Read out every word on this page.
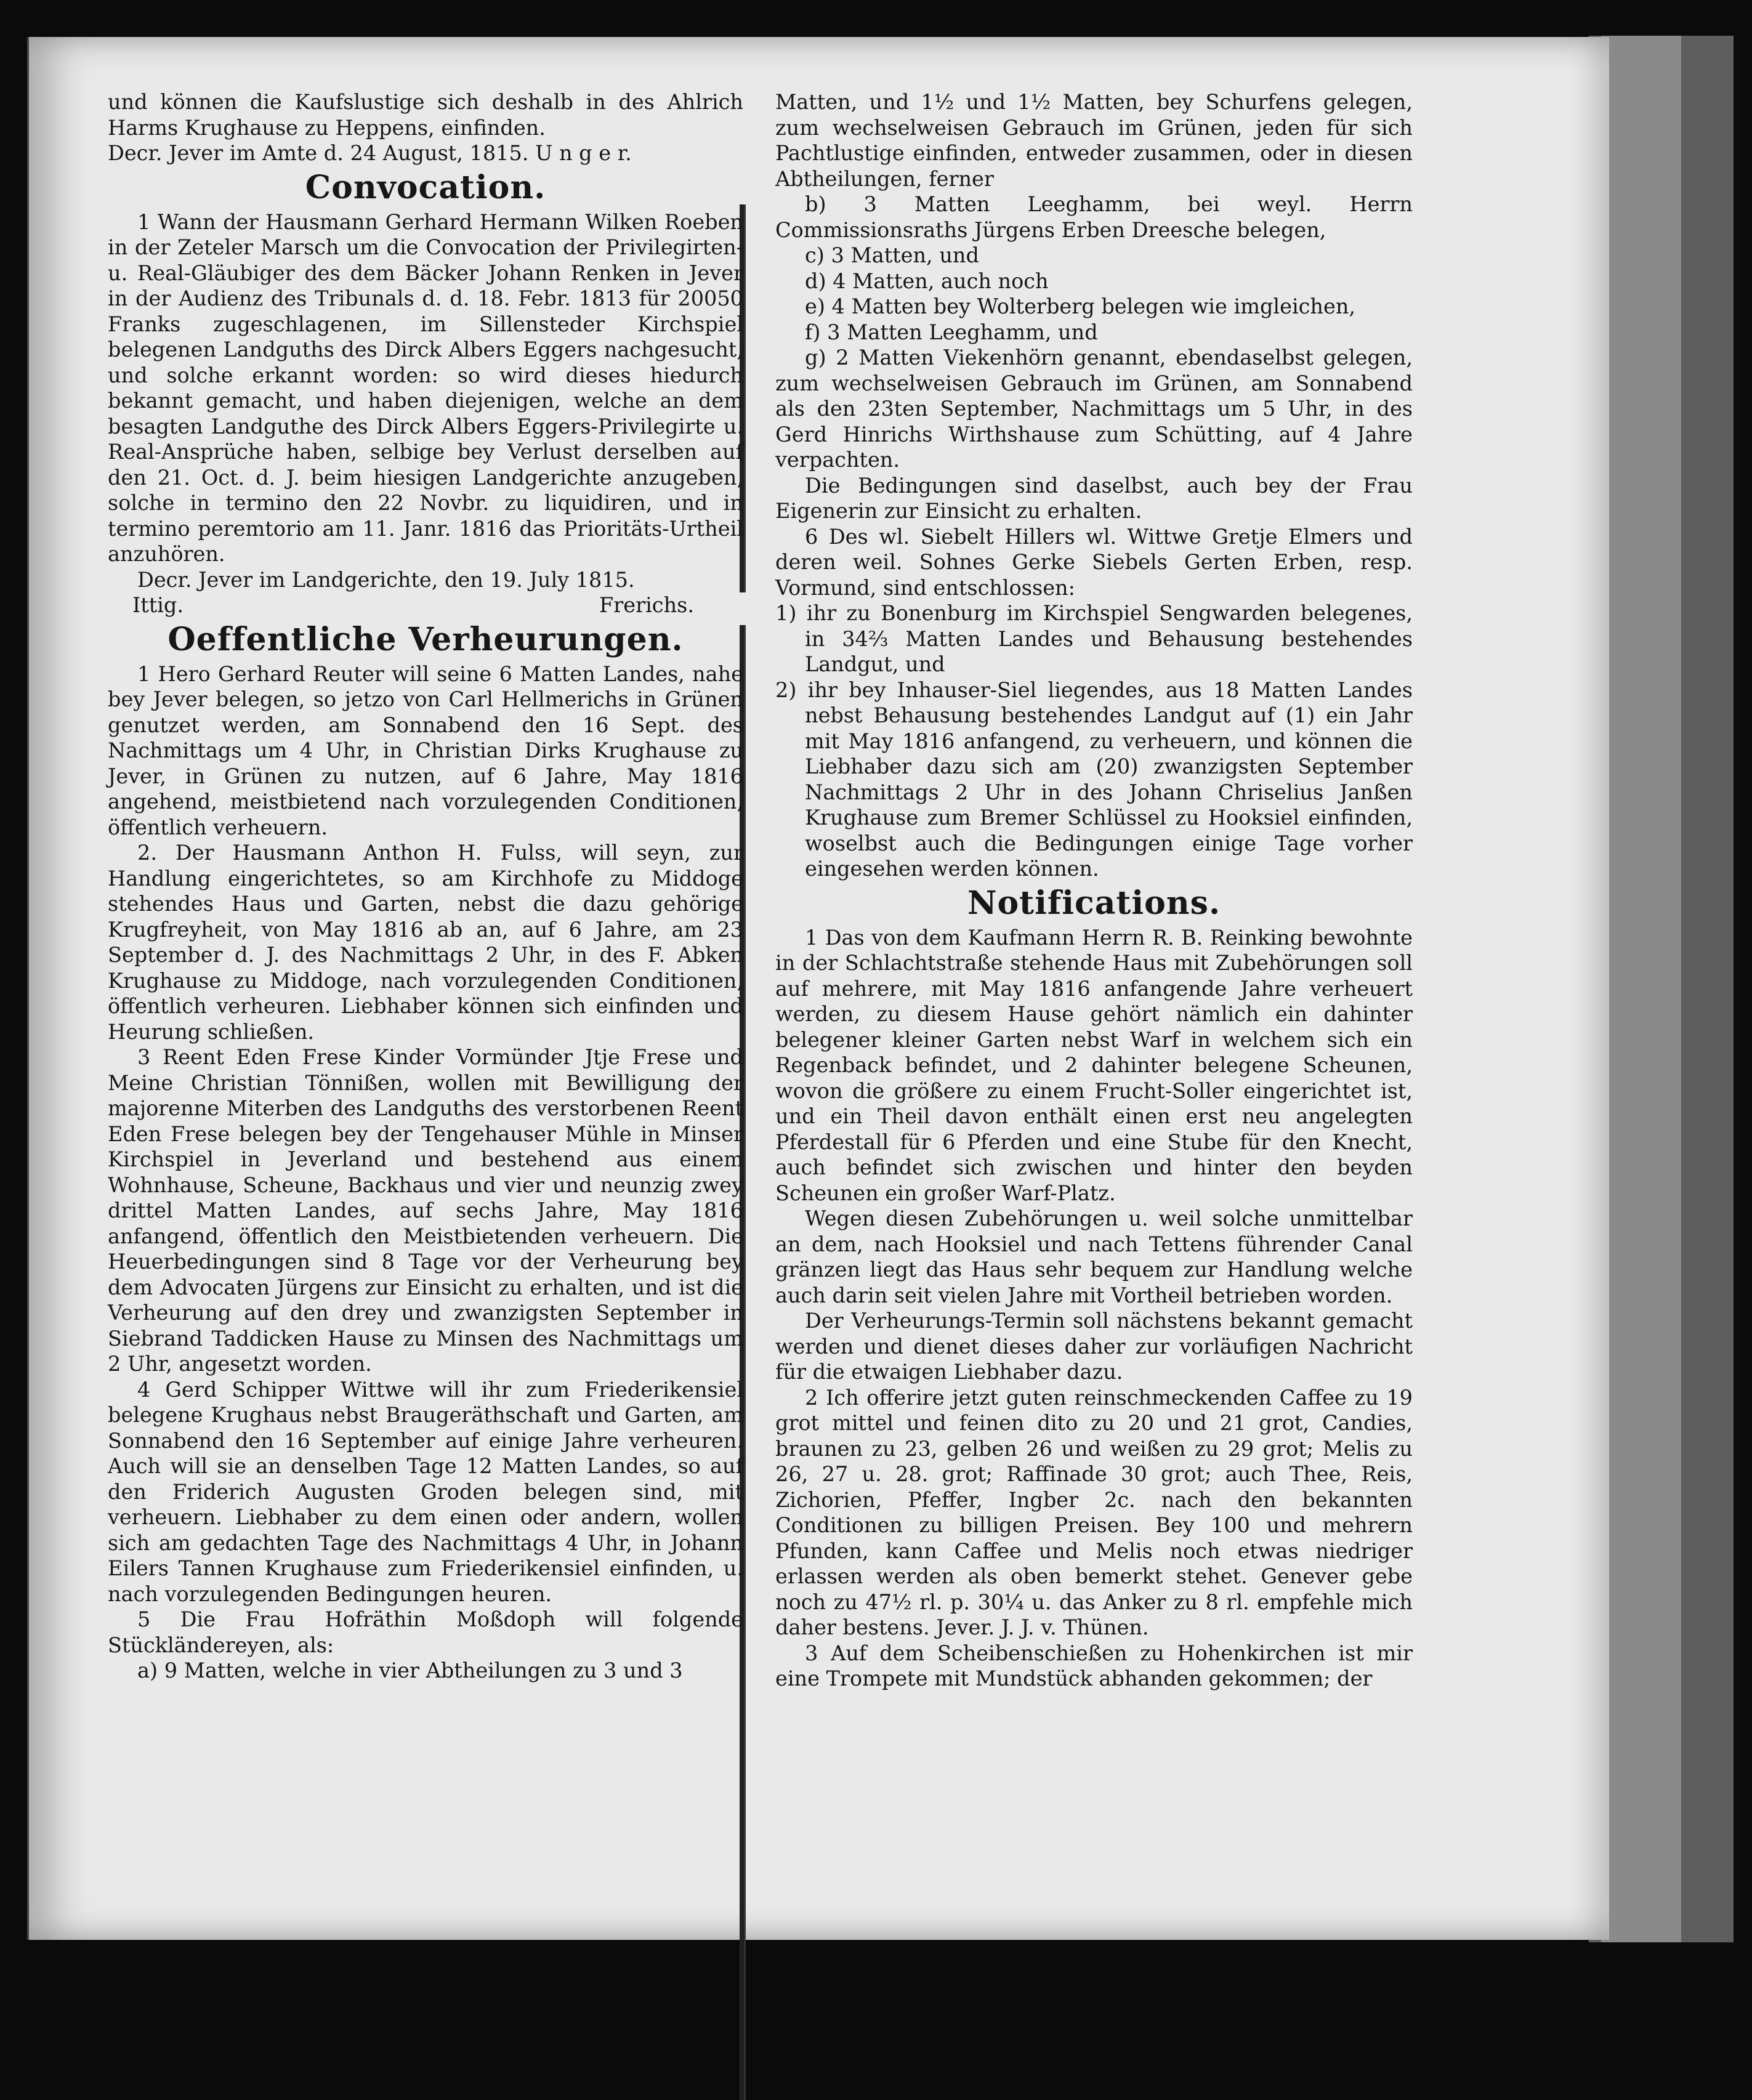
und können die Kaufslustige sich deshalb in des Ahlrich Harms Krughause zu Heppens, einfinden.

Decr. Jever im Amte d. 24 August, 1815. U n g e r.

Convocation.

1 Wann der Hausmann Gerhard Hermann Wilken Roeben in der Zeteler Marsch um die Convocation der Privilegirten- u. Real-Gläubiger des dem Bäcker Johann Renken in Jever in der Audienz des Tribunals d. d. 18. Febr. 1813 für 20050 Franks zugeschlagenen, im Sillensteder Kirchspiel belegenen Landguths des Dirck Albers Eggers nachgesucht, und solche erkannt worden: so wird dieses hiedurch bekannt gemacht, und haben diejenigen, welche an dem besagten Landguthe des Dirck Albers Eggers-Privilegirte u. Real-Ansprüche haben, selbige bey Verlust derselben auf den 21. Oct. d. J. beim hiesigen Landgerichte anzugeben, solche in termino den 22 Novbr. zu liquidiren, und in termino peremtorio am 11. Janr. 1816 das Prioritäts-Urtheil anzuhören.

Decr. Jever im Landgerichte, den 19. July 1815.

Ittig.	Frerichs.
Oeffentliche Verheurungen.

1 Hero Gerhard Reuter will seine 6 Matten Landes, nahe bey Jever belegen, so jetzo von Carl Hellmerichs in Grünen genutzet werden, am Sonnabend den 16 Sept. des Nachmittags um 4 Uhr, in Christian Dirks Krughause zu Jever, in Grünen zu nutzen, auf 6 Jahre, May 1816 angehend, meistbietend nach vorzulegenden Conditionen, öffentlich verheuern.

2. Der Hausmann Anthon H. Fulss, will seyn, zur Handlung eingerichtetes, so am Kirchhofe zu Middoge stehendes Haus und Garten, nebst die dazu gehörige Krugfreyheit, von May 1816 ab an, auf 6 Jahre, am 23 September d. J. des Nachmittags 2 Uhr, in des F. Abken Krughause zu Middoge, nach vorzulegenden Conditionen, öffentlich verheuren. Liebhaber können sich einfinden und Heurung schließen.

3 Reent Eden Frese Kinder Vormünder Jtje Frese und Meine Christian Tönnißen, wollen mit Bewilligung der majorenne Miterben des Landguths des verstorbenen Reent Eden Frese belegen bey der Tengehauser Mühle in Minser Kirchspiel in Jeverland und bestehend aus einem Wohnhause, Scheune, Backhaus und vier und neunzig zwey drittel Matten Landes, auf sechs Jahre, May 1816 anfangend, öffentlich den Meistbietenden verheuern. Die Heuerbedingungen sind 8 Tage vor der Verheurung bey dem Advocaten Jürgens zur Einsicht zu erhalten, und ist die Verheurung auf den drey und zwanzigsten September in Siebrand Taddicken Hause zu Minsen des Nachmittags um 2 Uhr, angesetzt worden.

4 Gerd Schipper Wittwe will ihr zum Friederikensiel belegene Krughaus nebst Braugeräthschaft und Garten, am Sonnabend den 16 September auf einige Jahre verheuren. Auch will sie an denselben Tage 12 Matten Landes, so auf den Friderich Augusten Groden belegen sind, mit verheuern. Liebhaber zu dem einen oder andern, wollen sich am gedachten Tage des Nachmittags 4 Uhr, in Johann Eilers Tannen Krughause zum Friederikensiel einfinden, u. nach vorzulegenden Bedingungen heuren.

5 Die Frau Hofräthin Moßdoph will folgende Stückländereyen, als:

a) 9 Matten, welche in vier Abtheilungen zu 3 und 3

Matten, und 1½ und 1½ Matten, bey Schurfens gelegen, zum wechselweisen Gebrauch im Grünen, jeden für sich Pachtlustige einfinden, entweder zusammen, oder in diesen Abtheilungen, ferner

b) 3 Matten Leeghamm, bei weyl. Herrn Commissionsraths Jürgens Erben Dreesche belegen,

c) 3 Matten, und

d) 4 Matten, auch noch

e) 4 Matten bey Wolterberg belegen wie imgleichen,

f) 3 Matten Leeghamm, und

g) 2 Matten Viekenhörn genannt, ebendaselbst gelegen, zum wechselweisen Gebrauch im Grünen, am Sonnabend als den 23ten September, Nachmittags um 5 Uhr, in des Gerd Hinrichs Wirthshause zum Schütting, auf 4 Jahre verpachten.

Die Bedingungen sind daselbst, auch bey der Frau Eigenerin zur Einsicht zu erhalten.

6 Des wl. Siebelt Hillers wl. Wittwe Gretje Elmers und deren weil. Sohnes Gerke Siebels Gerten Erben, resp. Vormund, sind entschlossen:

1) ihr zu Bonenburg im Kirchspiel Sengwarden belegenes, in 34⅔ Matten Landes und Behausung bestehendes Landgut, und

2) ihr bey Inhauser-Siel liegendes, aus 18 Matten Landes nebst Behausung bestehendes Landgut auf (1) ein Jahr mit May 1816 anfangend, zu verheuern, und können die Liebhaber dazu sich am (20) zwanzigsten September Nachmittags 2 Uhr in des Johann Chriselius Janßen Krughause zum Bremer Schlüssel zu Hooksiel einfinden, woselbst auch die Bedingungen einige Tage vorher eingesehen werden können.

Notifications.

1 Das von dem Kaufmann Herrn R. B. Reinking bewohnte in der Schlachtstraße stehende Haus mit Zubehörungen soll auf mehrere, mit May 1816 anfangende Jahre verheuert werden, zu diesem Hause gehört nämlich ein dahinter belegener kleiner Garten nebst Warf in welchem sich ein Regenback befindet, und 2 dahinter belegene Scheunen, wovon die größere zu einem Frucht-Soller eingerichtet ist, und ein Theil davon enthält einen erst neu angelegten Pferdestall für 6 Pferden und eine Stube für den Knecht, auch befindet sich zwischen und hinter den beyden Scheunen ein großer Warf-Platz.

Wegen diesen Zubehörungen u. weil solche unmittelbar an dem, nach Hooksiel und nach Tettens führender Canal gränzen liegt das Haus sehr bequem zur Handlung welche auch darin seit vielen Jahre mit Vortheil betrieben worden.

Der Verheurungs-Termin soll nächstens bekannt gemacht werden und dienet dieses daher zur vorläufigen Nachricht für die etwaigen Liebhaber dazu.

2 Ich offerire jetzt guten reinschmeckenden Caffee zu 19 grot mittel und feinen dito zu 20 und 21 grot, Candies, braunen zu 23, gelben 26 und weißen zu 29 grot; Melis zu 26, 27 u. 28. grot; Raffinade 30 grot; auch Thee, Reis, Zichorien, Pfeffer, Ingber 2c. nach den bekannten Conditionen zu billigen Preisen. Bey 100 und mehrern Pfunden, kann Caffee und Melis noch etwas niedriger erlassen werden als oben bemerkt stehet. Genever gebe noch zu 47½ rl. p. 30¼ u. das Anker zu 8 rl. empfehle mich daher bestens. Jever. J. J. v. Thünen.

3 Auf dem Scheibenschießen zu Hohenkirchen ist mir eine Trompete mit Mundstück abhanden gekommen; der
